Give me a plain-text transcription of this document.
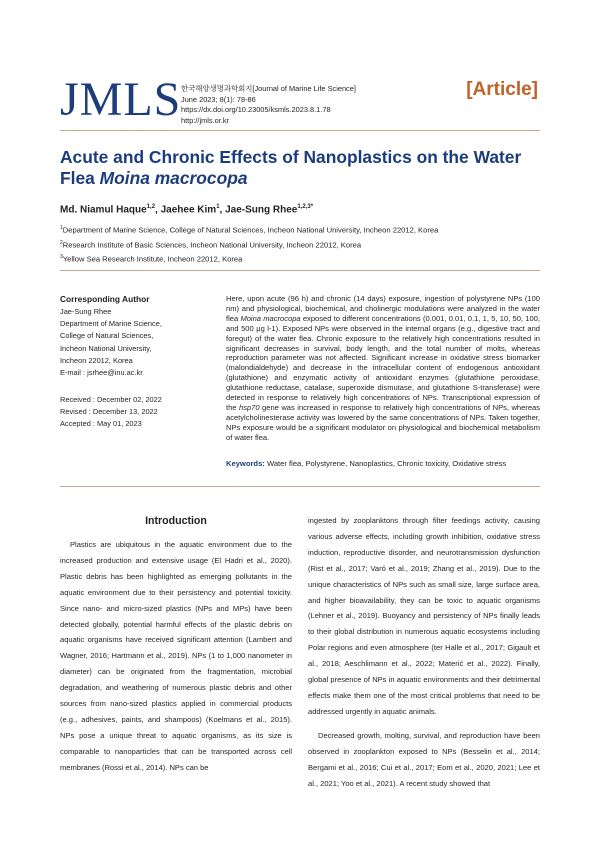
JMLS 한국해양생명과학회지[Journal of Marine Life Science]
June 2023; 8(1): 78-86
https://dx.doi.org/10.23005/ksmls.2023.8.1.78
http://jmls.or.kr
[Article]
Acute and Chronic Effects of Nanoplastics on the Water Flea Moina macrocopa
Md. Niamul Haque$^{1,2}$, Jaehee Kim$^1$, Jae-Sung Rhee$^{1,2,3*}$
$^1$Department of Marine Science, College of Natural Sciences, Incheon National University, Incheon 22012, Korea
$^2$Research Institute of Basic Sciences, Incheon National University, Incheon 22012, Korea
$^3$Yellow Sea Research Institute, Incheon 22012, Korea
Corresponding Author
Jae-Sung Rhee
Department of Marine Science,
College of Natural Sciences,
Incheon National University,
Incheon 22012, Korea
E-mail : jsrhee@inu.ac.kr
Received : December 02, 2022
Revised : December 13, 2022
Accepted : May 01, 2023
Here, upon acute (96 h) and chronic (14 days) exposure, ingestion of polystyrene NPs (100 nm) and physiological, biochemical, and cholinergic modulations were analyzed in the water flea Moina macrocopa exposed to different concentrations (0.001, 0.01, 0.1, 1, 5, 10, 50, 100, and 500 μg l-1). Exposed NPs were observed in the internal organs (e.g., digestive tract and foregut) of the water flea. Chronic exposure to the relatively high concentrations resulted in significant decreases in survival, body length, and the total number of molts, whereas reproduction parameter was not affected. Significant increase in oxidative stress biomarker (malondialdehyde) and decrease in the intracellular content of endogenous antioxidant (glutathione) and enzymatic activity of antioxidant enzymes (glutathione peroxidase, glutathione reductase, catalase, superoxide dismutase, and glutathione S-transferase) were detected in response to relatively high concentrations of NPs. Transcriptional expression of the hsp70 gene was increased in response to relatively high concentrations of NPs, whereas acetylcholinesterase activity was lowered by the same concentrations of NPs. Taken together, NPs exposure would be a significant modulator on physiological and biochemical metabolism of water flea.
Keywords: Water flea, Polystyrene, Nanoplastics, Chronic toxicity, Oxidative stress
Introduction
Plastics are ubiquitous in the aquatic environment due to the increased production and extensive usage (El Hadri et al., 2020). Plastic debris has been highlighted as emerging pollutants in the aquatic environment due to their persistency and potential toxicity. Since nano- and micro-sized plastics (NPs and MPs) have been detected globally, potential harmful effects of the plastic debris on aquatic organisms have received significant attention (Lambert and Wagner, 2016; Hartmann et al., 2019). NPs (1 to 1,000 nanometer in diameter) can be originated from the fragmentation, microbial degradation, and weathering of numerous plastic debris and other sources from nano-sized plastics applied in commercial products (e.g., adhesives, paints, and shampoos) (Koelmans et al., 2015). NPs pose a unique threat to aquatic organisms, as its size is comparable to nanoparticles that can be transported across cell membranes (Rossi et al., 2014). NPs can be
ingested by zooplanktons through filter feedings activity, causing various adverse effects, including growth inhibition, oxidative stress induction, reproductive disorder, and neurotransmission dysfunction (Rist et al., 2017; Varó et al., 2019; Zhang et al., 2019). Due to the unique characteristics of NPs such as small size, large surface area, and higher bioavailability, they can be toxic to aquatic organisms (Lehner et al., 2019). Buoyancy and persistency of NPs finally leads to their global distribution in numerous aquatic ecosystems including Polar regions and even atmosphere (ter Halle et al., 2017; Gigault et al., 2018; Aeschlimann et al., 2022; Materić et al., 2022). Finally, global presence of NPs in aquatic environments and their detrimental effects make them one of the most critical problems that need to be addressed urgently in aquatic animals.
Decreased growth, molting, survival, and reproduction have been observed in zooplankton exposed to NPs (Besselin et al., 2014; Bergami et al., 2016; Cui et al., 2017; Eom et al., 2020, 2021; Lee et al., 2021; Yoo et al., 2021). A recent study showed that
